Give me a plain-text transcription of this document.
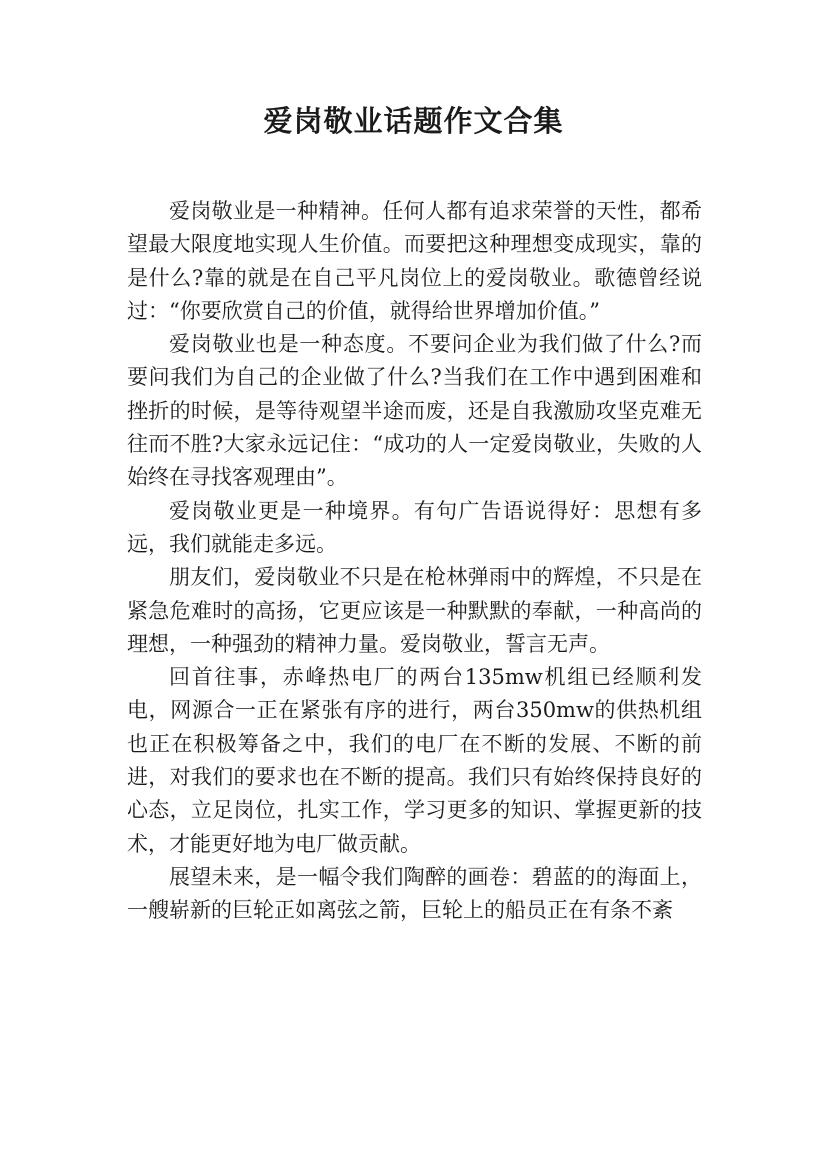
爱岗敬业话题作文合集

爱岗敬业是一种精神。任何人都有追求荣誉的天性，都希望最大限度地实现人生价值。而要把这种理想变成现实，靠的是什么?靠的就是在自己平凡岗位上的爱岗敬业。歌德曾经说过：“你要欣赏自己的价值，就得给世界增加价值。”

爱岗敬业也是一种态度。不要问企业为我们做了什么?而要问我们为自己的企业做了什么?当我们在工作中遇到困难和挫折的时候，是等待观望半途而废，还是自我激励攻坚克难无往而不胜?大家永远记住：“成功的人一定爱岗敬业，失败的人始终在寻找客观理由”。

爱岗敬业更是一种境界。有句广告语说得好：思想有多远，我们就能走多远。

朋友们，爱岗敬业不只是在枪林弹雨中的辉煌，不只是在紧急危难时的高扬，它更应该是一种默默的奉献，一种高尚的理想，一种强劲的精神力量。爱岗敬业，誓言无声。

回首往事，赤峰热电厂的两台135mw机组已经顺利发电，网源合一正在紧张有序的进行，两台350mw的供热机组也正在积极筹备之中，我们的电厂在不断的发展、不断的前进，对我们的要求也在不断的提高。我们只有始终保持良好的心态，立足岗位，扎实工作，学习更多的知识、掌握更新的技术，才能更好地为电厂做贡献。

展望未来，是一幅令我们陶醉的画卷：碧蓝的的海面上，一艘崭新的巨轮正如离弦之箭，巨轮上的船员正在有条不紊
